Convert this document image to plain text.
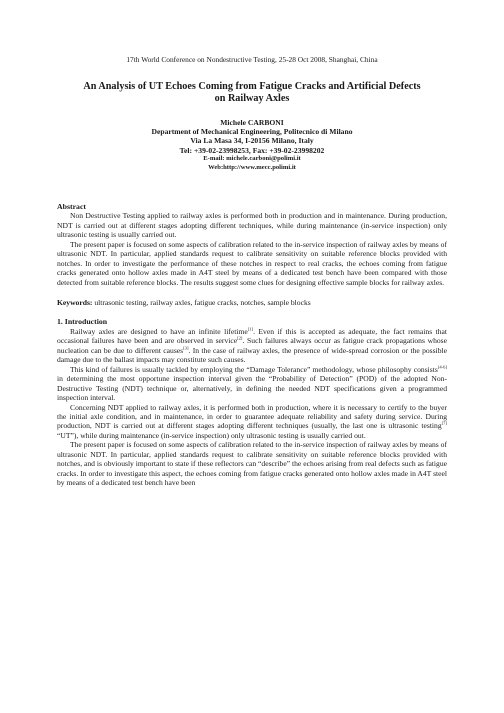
17th World Conference on Nondestructive Testing, 25-28 Oct 2008, Shanghai, China

An Analysis of UT Echoes Coming from Fatigue Cracks and Artificial Defects
on Railway Axles

Michele CARBONI

Department of Mechanical Engineering, Politecnico di Milano

Via La Masa 34, I-20156 Milano, Italy

Tel: +39-02-23998253, Fax: +39-02-23998202

E-mail: michele.carboni@polimi.it

Web:http://www.mecc.polimi.it

Abstract

Non Destructive Testing applied to railway axles is performed both in production and in maintenance. During production, NDT is carried out at different stages adopting different techniques, while during maintenance (in-service inspection) only ultrasonic testing is usually carried out.

The present paper is focused on some aspects of calibration related to the in-service inspection of railway axles by means of ultrasonic NDT. In particular, applied standards request to calibrate sensitivity on suitable reference blocks provided with notches. In order to investigate the performance of these notches in respect to real cracks, the echoes coming from fatigue cracks generated onto hollow axles made in A4T steel by means of a dedicated test bench have been compared with those detected from suitable reference blocks. The results suggest some clues for designing effective sample blocks for railway axles.

Keywords: ultrasonic testing, railway axles, fatigue cracks, notches, sample blocks

1. Introduction

Railway axles are designed to have an infinite lifetime[1]. Even if this is accepted as adequate, the fact remains that occasional failures have been and are observed in service[2]. Such failures always occur as fatigue crack propagations whose nucleation can be due to different causes[3]. In the case of railway axles, the presence of wide-spread corrosion or the possible damage due to the ballast impacts may constitute such causes.

This kind of failures is usually tackled by employing the “Damage Tolerance” methodology, whose philosophy consists[4-6] in determining the most opportune inspection interval given the “Probability of Detection” (POD) of the adopted Non-Destructive Testing (NDT) technique or, alternatively, in defining the needed NDT specifications given a programmed inspection interval.

Concerning NDT applied to railway axles, it is performed both in production, where it is necessary to certify to the buyer the initial axle condition, and in maintenance, in order to guarantee adequate reliability and safety during service. During production, NDT is carried out at different stages adopting different techniques (usually, the last one is ultrasonic testing[7] “UT”), while during maintenance (in-service inspection) only ultrasonic testing is usually carried out.

The present paper is focused on some aspects of calibration related to the in-service inspection of railway axles by means of ultrasonic NDT. In particular, applied standards request to calibrate sensitivity on suitable reference blocks provided with notches, and is obviously important to state if these reflectors can “describe” the echoes arising from real defects such as fatigue cracks. In order to investigate this aspect, the echoes coming from fatigue cracks generated onto hollow axles made in A4T steel by means of a dedicated test bench have been
